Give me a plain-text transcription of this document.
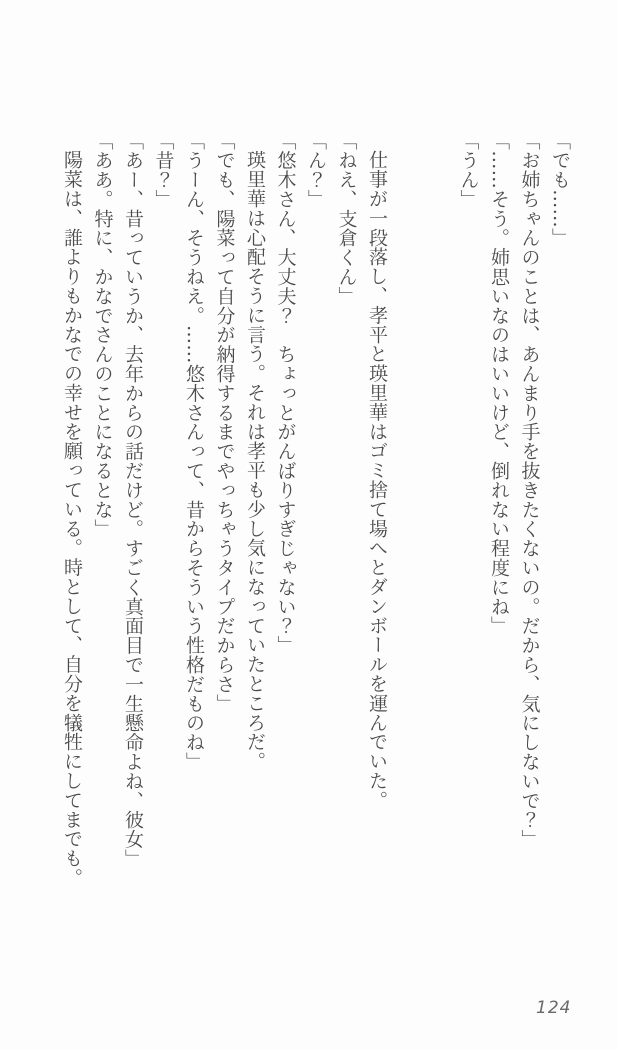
「でも……」

「お姉ちゃんのことは、あんまり手を抜きたくないの。だから、気にしないで？」

「……そう。姉思いなのはいいけど、倒れない程度にね」

「うん」

仕事が一段落し、孝平と瑛里華はゴミ捨て場へとダンボールを運んでいた。

「ねえ、支倉くん」

「ん？」

「悠木さん、大丈夫？　ちょっとがんばりすぎじゃない？」

瑛里華は心配そうに言う。それは孝平も少し気になっていたところだ。

「でも、陽菜って自分が納得するまでやっちゃうタイプだからさ」

「うーん、そうねえ。……悠木さんって、昔からそういう性格だものね」

「昔？」

「あー、昔っていうか、去年からの話だけど。すごく真面目で一生懸命よね、彼女」

「ああ。特に、かなでさんのことになるとな」

陽菜は、誰よりもかなでの幸せを願っている。時として、自分を犠牲にしてまでも。

124
